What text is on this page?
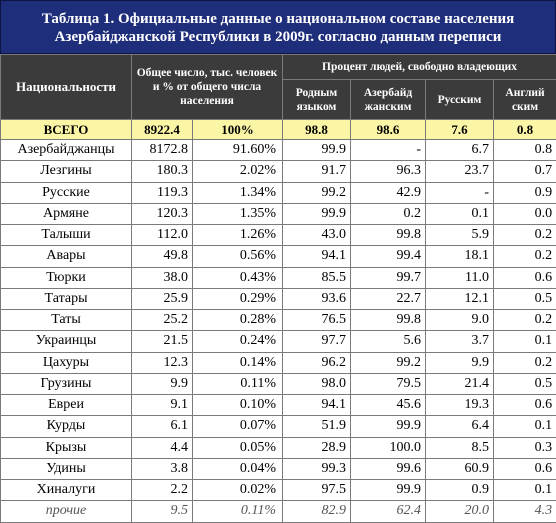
Таблица 1. Официальные данные о национальном составе населения
Азербайджанской Республики в 2009г. согласно данным переписи
Национальности	Общее число, тыс. человек и % от общего числа населения		Процент людей, свободно владеющих			
			Родным языком	Азербайд жанским	Русским	Англий ским
ВСЕГО	8922.4	100%	98.8	98.6	7.6	0.8
Азербайджанцы	8172.8	91.60%	99.9	-	6.7	0.8
Лезгины	180.3	2.02%	91.7	96.3	23.7	0.7
Русские	119.3	1.34%	99.2	42.9	-	0.9
Армяне	120.3	1.35%	99.9	0.2	0.1	0.0
Талыши	112.0	1.26%	43.0	99.8	5.9	0.2
Авары	49.8	0.56%	94.1	99.4	18.1	0.2
Тюрки	38.0	0.43%	85.5	99.7	11.0	0.6
Татары	25.9	0.29%	93.6	22.7	12.1	0.5
Таты	25.2	0.28%	76.5	99.8	9.0	0.2
Украинцы	21.5	0.24%	97.7	5.6	3.7	0.1
Цахуры	12.3	0.14%	96.2	99.2	9.9	0.2
Грузины	9.9	0.11%	98.0	79.5	21.4	0.5
Евреи	9.1	0.10%	94.1	45.6	19.3	0.6
Курды	6.1	0.07%	51.9	99.9	6.4	0.1
Крызы	4.4	0.05%	28.9	100.0	8.5	0.3
Удины	3.8	0.04%	99.3	99.6	60.9	0.6
Хиналуги	2.2	0.02%	97.5	99.9	0.9	0.1
прочие	9.5	0.11%	82.9	62.4	20.0	4.3
